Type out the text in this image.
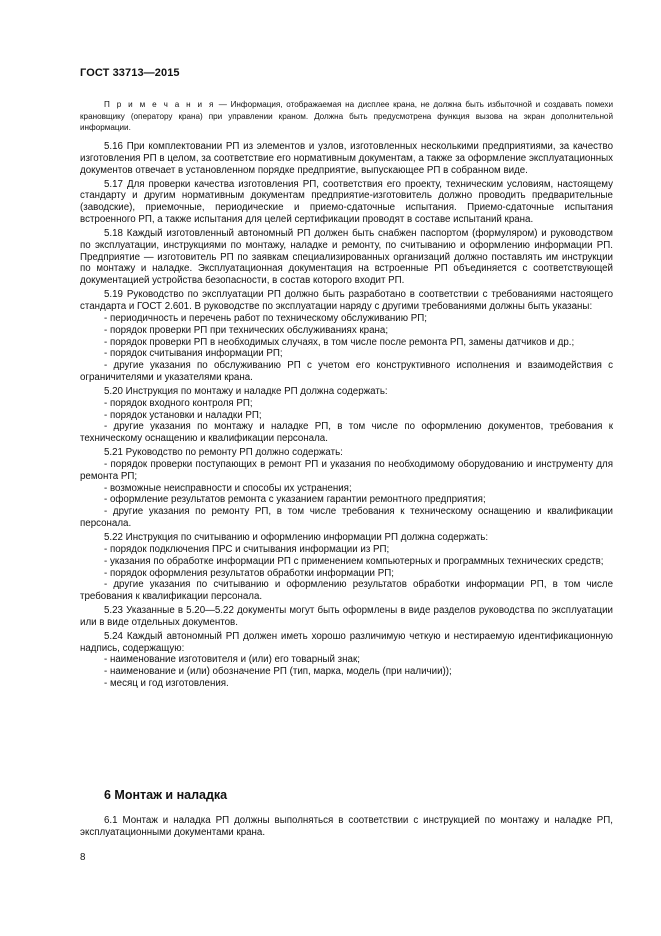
ГОСТ 33713—2015

П р и м е ч а н и я — Информация, отображаемая на дисплее крана, не должна быть избыточной и создавать помехи крановщику (оператору крана) при управлении краном. Должна быть предусмотрена функция вызова на экран дополнительной информации.

5.16 При комплектовании РП из элементов и узлов, изготовленных несколькими предприятиями, за качество изготовления РП в целом, за соответствие его нормативным документам, а также за оформление эксплуатационных документов отвечает в установленном порядке предприятие, выпускающее РП в собранном виде.

5.17 Для проверки качества изготовления РП, соответствия его проекту, техническим условиям, настоящему стандарту и другим нормативным документам предприятие-изготовитель должно проводить предварительные (заводские), приемочные, периодические и приемо-сдаточные испытания. Приемо-сдаточные испытания встроенного РП, а также испытания для целей сертификации проводят в составе испытаний крана.

5.18 Каждый изготовленный автономный РП должен быть снабжен паспортом (формуляром) и руководством по эксплуатации, инструкциями по монтажу, наладке и ремонту, по считыванию и оформлению информации РП. Предприятие — изготовитель РП по заявкам специализированных организаций должно поставлять им инструкции по монтажу и наладке. Эксплуатационная документация на встроенные РП объединяется с соответствующей документацией устройства безопасности, в состав которого входит РП.

5.19 Руководство по эксплуатации РП должно быть разработано в соответствии с требованиями настоящего стандарта и ГОСТ 2.601. В руководстве по эксплуатации наряду с другими требованиями должны быть указаны:

- периодичность и перечень работ по техническому обслуживанию РП;

- порядок проверки РП при технических обслуживаниях крана;

- порядок проверки РП в необходимых случаях, в том числе после ремонта РП, замены датчиков и др.;

- порядок считывания информации РП;

- другие указания по обслуживанию РП с учетом его конструктивного исполнения и взаимодействия с ограничителями и указателями крана.

5.20 Инструкция по монтажу и наладке РП должна содержать:

- порядок входного контроля РП;

- порядок установки и наладки РП;

- другие указания по монтажу и наладке РП, в том числе по оформлению документов, требования к техническому оснащению и квалификации персонала.

5.21 Руководство по ремонту РП должно содержать:

- порядок проверки поступающих в ремонт РП и указания по необходимому оборудованию и инструменту для ремонта РП;

- возможные неисправности и способы их устранения;

- оформление результатов ремонта с указанием гарантии ремонтного предприятия;

- другие указания по ремонту РП, в том числе требования к техническому оснащению и квалификации персонала.

5.22 Инструкция по считыванию и оформлению информации РП должна содержать:

- порядок подключения ПРС и считывания информации из РП;

- указания по обработке информации РП с применением компьютерных и программных технических средств;

- порядок оформления результатов обработки информации РП;

- другие указания по считыванию и оформлению результатов обработки информации РП, в том числе требования к квалификации персонала.

5.23 Указанные в 5.20—5.22 документы могут быть оформлены в виде разделов руководства по эксплуатации или в виде отдельных документов.

5.24 Каждый автономный РП должен иметь хорошо различимую четкую и нестираемую идентификационную надпись, содержащую:

- наименование изготовителя и (или) его товарный знак;

- наименование и (или) обозначение РП (тип, марка, модель (при наличии));

- месяц и год изготовления.

6 Монтаж и наладка

6.1 Монтаж и наладка РП должны выполняться в соответствии с инструкцией по монтажу и наладке РП, эксплуатационными документами крана.

8
